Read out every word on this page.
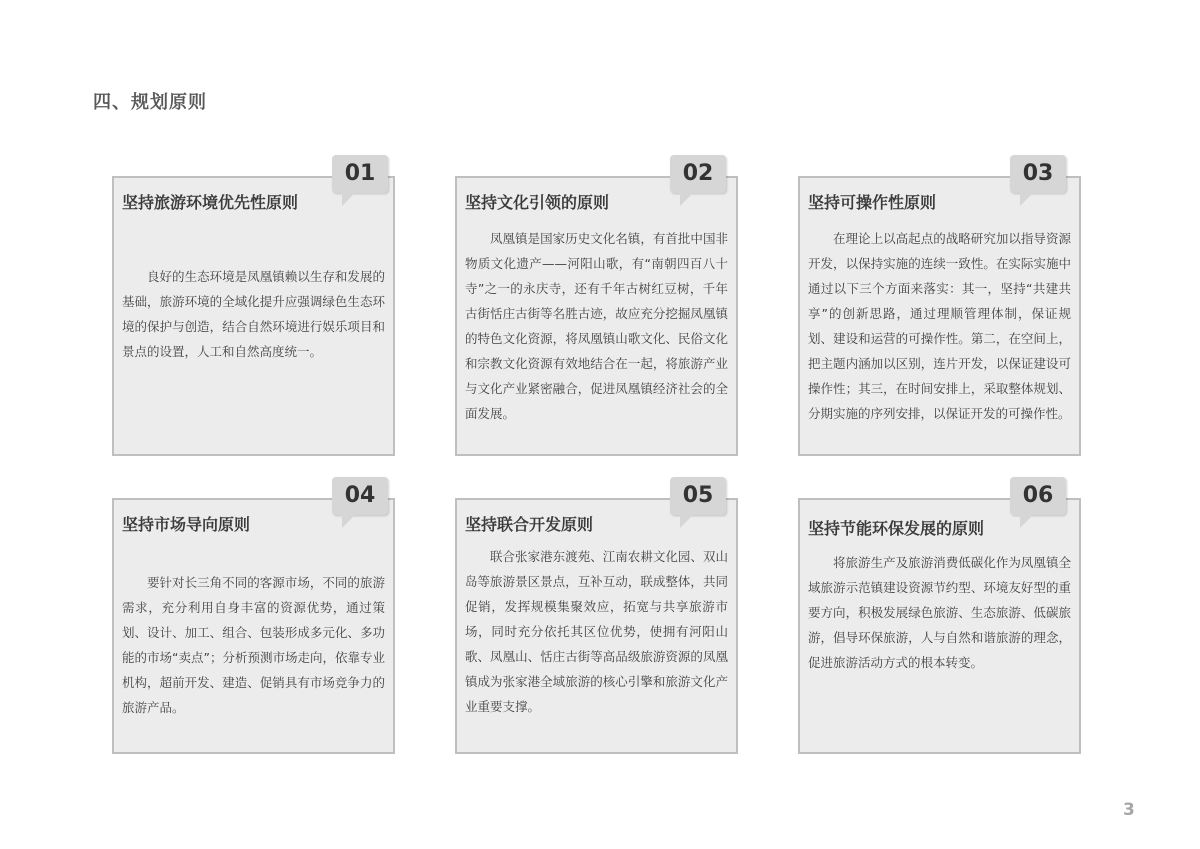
四、规划原则
坚持旅游环境优先性原则
良好的生态环境是凤凰镇赖以生存和发展的基础，旅游环境的全域化提升应强调绿色生态环境的保护与创造，结合自然环境进行娱乐项目和景点的设置，人工和自然高度统一。
01
坚持文化引领的原则
凤凰镇是国家历史文化名镇，有首批中国非物质文化遗产——河阳山歌，有“南朝四百八十寺”之一的永庆寺，还有千年古树红豆树，千年古街恬庄古街等名胜古迹，故应充分挖掘凤凰镇的特色文化资源，将凤凰镇山歌文化、民俗文化和宗教文化资源有效地结合在一起，将旅游产业与文化产业紧密融合，促进凤凰镇经济社会的全面发展。
02
坚持可操作性原则
在理论上以高起点的战略研究加以指导资源开发，以保持实施的连续一致性。在实际实施中通过以下三个方面来落实：其一，坚持“共建共享”的创新思路，通过理顺管理体制，保证规划、建设和运营的可操作性。第二，在空间上，把主题内涵加以区别，连片开发，以保证建设可操作性；其三，在时间安排上，采取整体规划、分期实施的序列安排，以保证开发的可操作性。
03
坚持市场导向原则
要针对长三角不同的客源市场，不同的旅游需求，充分利用自身丰富的资源优势，通过策划、设计、加工、组合、包装形成多元化、多功能的市场“卖点”；分析预测市场走向，依靠专业机构，超前开发、建造、促销具有市场竞争力的旅游产品。
04
坚持联合开发原则
联合张家港东渡苑、江南农耕文化园、双山岛等旅游景区景点，互补互动，联成整体，共同促销，发挥规模集聚效应，拓宽与共享旅游市场，同时充分依托其区位优势，使拥有河阳山歌、凤凰山、恬庄古街等高品级旅游资源的凤凰镇成为张家港全域旅游的核心引擎和旅游文化产业重要支撑。
05
坚持节能环保发展的原则
将旅游生产及旅游消费低碳化作为凤凰镇全域旅游示范镇建设资源节约型、环境友好型的重要方向，积极发展绿色旅游、生态旅游、低碳旅游，倡导环保旅游，人与自然和谐旅游的理念，促进旅游活动方式的根本转变。
06
3
